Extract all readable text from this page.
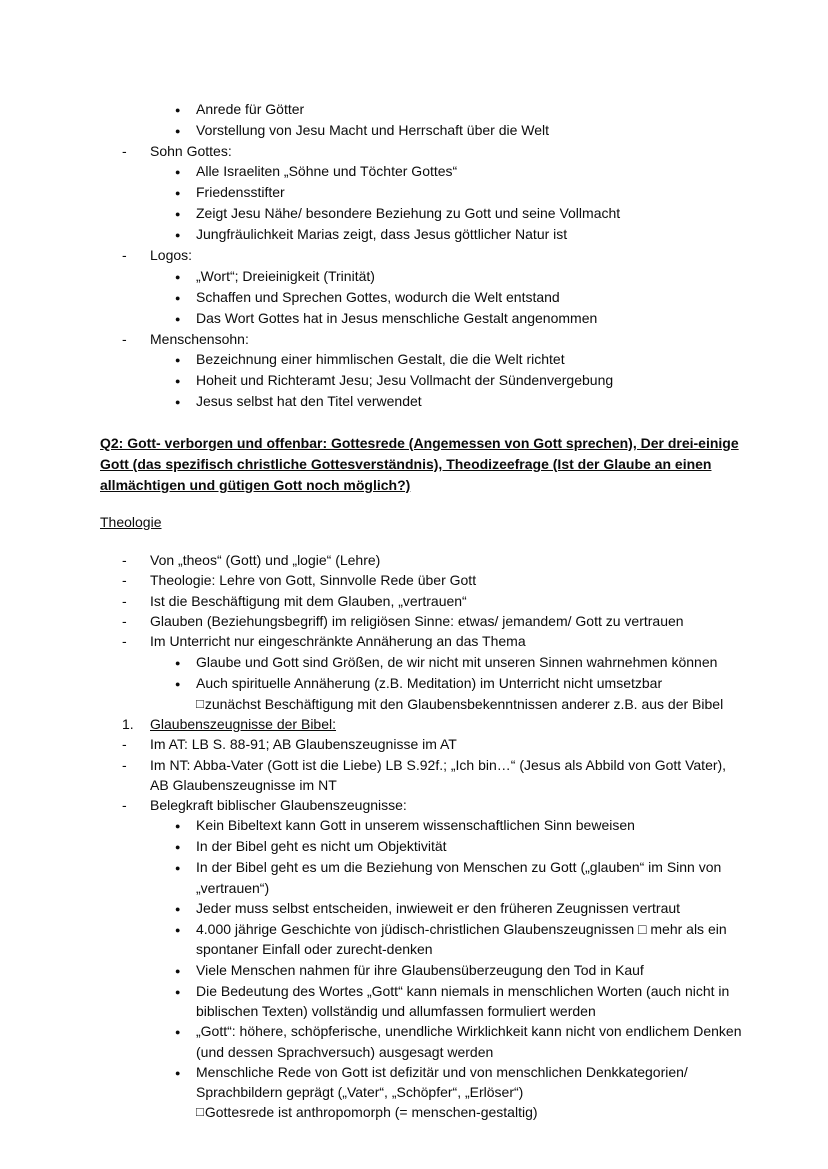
●	Anrede für Götter
●	Vorstellung von Jesu Macht und Herrschaft über die Welt
-	Sohn Gottes:
●	Alle Israeliten „Söhne und Töchter Gottes“
●	Friedensstifter
●	Zeigt Jesu Nähe/ besondere Beziehung zu Gott und seine Vollmacht
●	Jungfräulichkeit Marias zeigt, dass Jesus göttlicher Natur ist
-	Logos:
●	„Wort“; Dreieinigkeit (Trinität)
●	Schaffen und Sprechen Gottes, wodurch die Welt entstand
●	Das Wort Gottes hat in Jesus menschliche Gestalt angenommen
-	Menschensohn:
●	Bezeichnung einer himmlischen Gestalt, die die Welt richtet
●	Hoheit und Richteramt Jesu; Jesu Vollmacht der Sündenvergebung
●	Jesus selbst hat den Titel verwendet
Q2: Gott- verborgen und offenbar: Gottesrede (Angemessen von Gott sprechen), Der drei-einige Gott (das spezifisch christliche Gottesverständnis), Theodizeefrage (Ist der Glaube an einen allmächtigen und gütigen Gott noch möglich?)
Theologie
-	Von „theos“ (Gott) und „logie“ (Lehre)
-	Theologie: Lehre von Gott, Sinnvolle Rede über Gott
-	Ist die Beschäftigung mit dem Glauben, „vertrauen“
-	Glauben (Beziehungsbegriff) im religiösen Sinne: etwas/ jemandem/ Gott zu vertrauen
-	Im Unterricht nur eingeschränkte Annäherung an das Thema
●	Glaube und Gott sind Größen, de wir nicht mit unseren Sinnen wahrnehmen können
●	Auch spirituelle Annäherung (z.B. Meditation) im Unterricht nicht umsetzbar
□ zunächst Beschäftigung mit den Glaubensbekenntnissen anderer z.B. aus der Bibel
1.	Glaubenszeugnisse der Bibel:
-	Im AT: LB S. 88-91; AB Glaubenszeugnisse im AT
-	Im NT: Abba-Vater (Gott ist die Liebe) LB S.92f.; „Ich bin…“ (Jesus als Abbild von Gott Vater), AB Glaubenszeugnisse im NT
-	Belegkraft biblischer Glaubenszeugnisse:
●	Kein Bibeltext kann Gott in unserem wissenschaftlichen Sinn beweisen
●	In der Bibel geht es nicht um Objektivität
●	In der Bibel geht es um die Beziehung von Menschen zu Gott („glauben“ im Sinn von „vertrauen“)
●	Jeder muss selbst entscheiden, inwieweit er den früheren Zeugnissen vertraut
●	4.000 jährige Geschichte von jüdisch-christlichen Glaubenszeugnissen □ mehr als ein spontaner Einfall oder zurecht-denken
●	Viele Menschen nahmen für ihre Glaubensüberzeugung den Tod in Kauf
●	Die Bedeutung des Wortes „Gott“ kann niemals in menschlichen Worten (auch nicht in biblischen Texten) vollständig und allumfassen formuliert werden
●	„Gott“: höhere, schöpferische, unendliche Wirklichkeit kann nicht von endlichem Denken (und dessen Sprachversuch) ausgesagt werden
●	Menschliche Rede von Gott ist defizitär und von menschlichen Denkkategorien/ Sprachbildern geprägt („Vater“, „Schöpfer“, „Erlöser“)
□ Gottesrede ist anthropomorph (= menschen-gestaltig)
